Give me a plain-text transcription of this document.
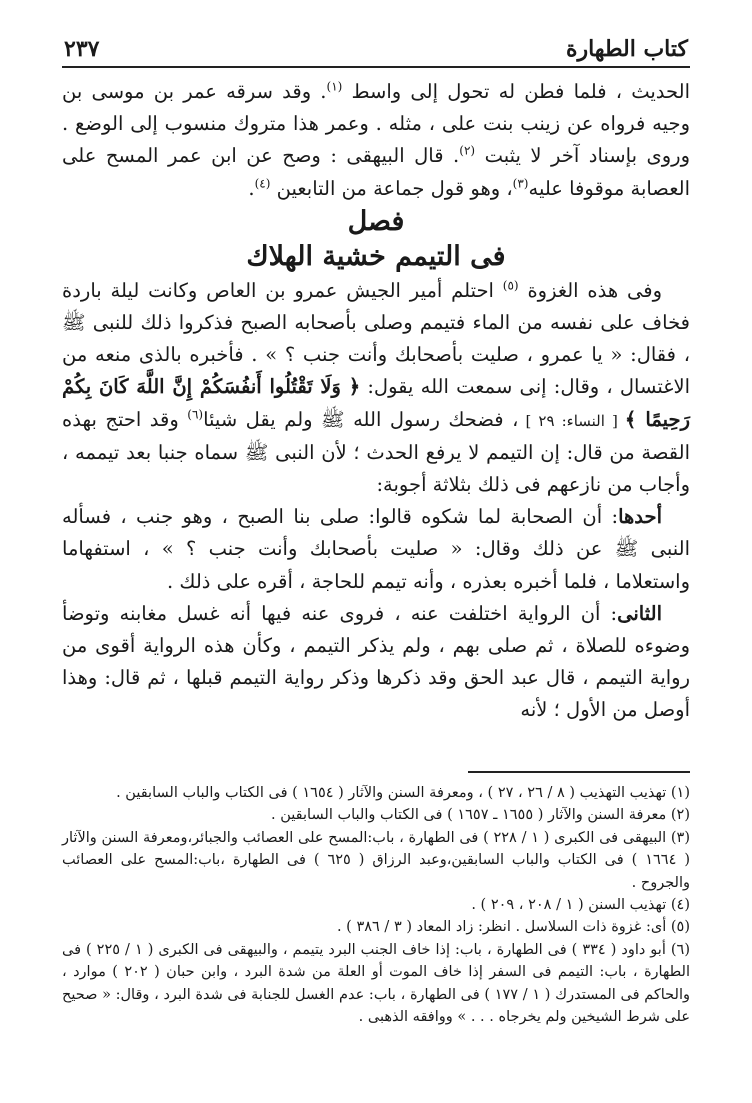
كتاب الطهارة
٢٣٧

الحديث ، فلما فطن له تحول إلى واسط $^{(١)}$. وقد سرقه عمر بن موسى بن وجيه فرواه عن زينب بنت على ، مثله . وعمر هذا متروك منسوب إلى الوضع . وروى بإسناد آخر لا يثبت $^{(٢)}$. قال البيهقى : وصح عن ابن عمر المسح على العصابة موقوفا عليه$^{(٣)}$، وهو قول جماعة من التابعين $^{(٤)}$.

فصل

فى التيمم خشية الهلاك

وفى هذه الغزوة $^{(٥)}$ احتلم أمير الجيش عمرو بن العاص وكانت ليلة باردة فخاف على نفسه من الماء فتيمم وصلى بأصحابه الصبح فذكروا ذلك للنبى ﷺ ، فقال: « يا عمرو ، صليت بأصحابك وأنت جنب ؟ » . فأخبره بالذى منعه من الاغتسال ، وقال: إنى سمعت الله يقول: ﴿ وَلَا تَقْتُلُوا أَنفُسَكُمْ إِنَّ اللَّهَ كَانَ بِكُمْ رَحِيمًا ﴾ [ النساء: ٢٩ ] ، فضحك رسول الله ﷺ ولم يقل شيئا$^{(٦)}$ وقد احتج بهذه القصة من قال: إن التيمم لا يرفع الحدث ؛ لأن النبى ﷺ سماه جنبا بعد تيممه ، وأجاب من نازعهم فى ذلك بثلاثة أجوبة:

أحدها: أن الصحابة لما شكوه قالوا: صلى بنا الصبح ، وهو جنب ، فسأله النبى ﷺ عن ذلك وقال: « صليت بأصحابك وأنت جنب ؟ » ، استفهاما واستعلاما ، فلما أخبره بعذره ، وأنه تيمم للحاجة ، أقره على ذلك .

الثانى: أن الرواية اختلفت عنه ، فروى عنه فيها أنه غسل مغابنه وتوضأ وضوءه للصلاة ، ثم صلى بهم ، ولم يذكر التيمم ، وكأن هذه الرواية أقوى من رواية التيمم ، قال عبد الحق وقد ذكرها وذكر رواية التيمم قبلها ، ثم قال: وهذا أوصل من الأول ؛ لأنه

(١) تهذيب التهذيب ( ٨ / ٢٦ ، ٢٧ ) ، ومعرفة السنن والآثار ( ١٦٥٤ ) فى الكتاب والباب السابقين .

(٢) معرفة السنن والآثار ( ١٦٥٥ ـ ١٦٥٧ ) فى الكتاب والباب السابقين .

(٣) البيهقى فى الكبرى ( ١ / ٢٢٨ ) فى الطهارة ، باب:المسح على العصائب والجبائر،ومعرفة السنن والآثار ( ١٦٦٤ ) فى الكتاب والباب السابقين،وعبد الرزاق ( ٦٢٥ ) فى الطهارة ،باب:المسح على العصائب والجروح .

(٤) تهذيب السنن ( ١ / ٢٠٨ ، ٢٠٩ ) .

(٥) أى: غزوة ذات السلاسل . انظر: زاد المعاد ( ٣ / ٣٨٦ ) .

(٦) أبو داود ( ٣٣٤ ) فى الطهارة ، باب: إذا خاف الجنب البرد يتيمم ، والبيهقى فى الكبرى ( ١ / ٢٢٥ ) فى الطهارة ، باب: التيمم فى السفر إذا خاف الموت أو العلة من شدة البرد ، وابن حبان ( ٢٠٢ ) موارد ، والحاكم فى المستدرك ( ١ / ١٧٧ ) فى الطهارة ، باب: عدم الغسل للجنابة فى شدة البرد ، وقال: « صحيح على شرط الشيخين ولم يخرجاه . . . » ووافقه الذهبى .
